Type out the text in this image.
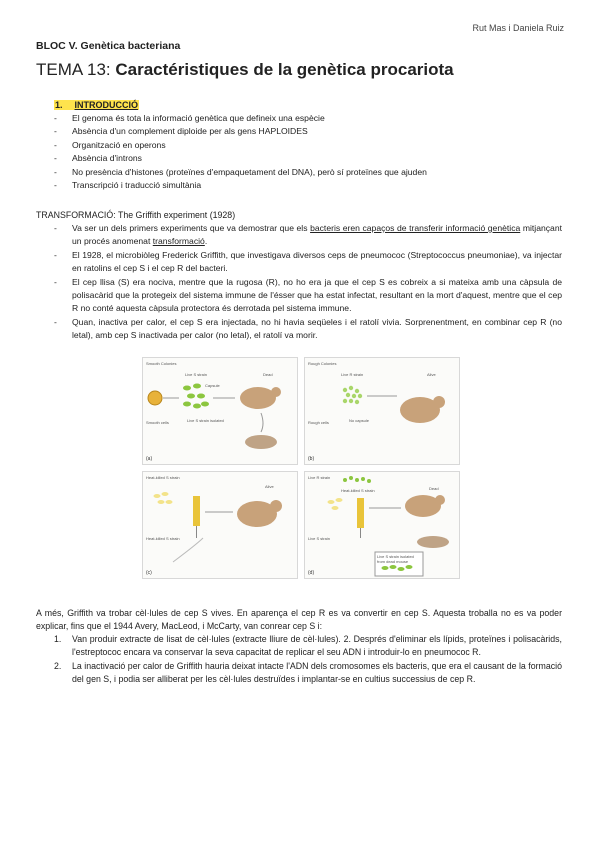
Rut Mas i Daniela Ruiz
BLOC V. Genètica bacteriana
TEMA 13: Caractéristiques de la genètica procariota
1. INTRODUCCIÓ
- El genoma és tota la informació genètica que defineix una espècie
- Absència d'un complement diploide per als gens HAPLOIDES
- Organització en operons
- Absència d'introns
- No presència d'histones (proteïnes d'empaquetament del DNA), però sí proteïnes que ajuden
- Transcripció i traducció simultània
TRANSFORMACIÓ: The Griffith experiment (1928)
- Va ser un dels primers experiments que va demostrar que els bacteris eren capaços de transferir informació genètica mitjançant un procés anomenat transformació.
- El 1928, el microbiòleg Frederick Griffith, que investigava diversos ceps de pneumococ (Streptococcus pneumoniae), va injectar en ratolins el cep S i el cep R del bacteri.
- El cep llisa (S) era nociva, mentre que la rugosa (R), no ho era ja que el cep S es cobreix a si mateixa amb una càpsula de polisacàrid que la protegeix del sistema immune de l'ésser que ha estat infectat, resultant en la mort d'aquest, mentre que el cep R no conté aquesta càpsula protectora és derrotada pel sistema immune.
- Quan, inactiva per calor, el cep S era injectada, no hi havia seqüeles i el ratolí vivia. Sorprenentment, en combinar cep R (no letal), amb cep S inactivada per calor (no letal), el ratolí va morir.
Smooth Colonies
Live S strain
Capsule
Dead
Smooth cells	Live S strain isolated
(a)
Rough Colonies
Live R strain	Alive
Rough cells	No capsule
(b)
Heat-killed S strain
Alive
Heat-killed S strain
(c)
Live R strain
Heat-killed S strain	Dead
Live S strain
Live S strain isolated from dead mouse
(d)
A més, Griffith va trobar cèl·lules de cep S vives. En aparença el cep R es va convertir en cep S. Aquesta troballa no es va poder explicar, fins que el 1944 Avery, MacLeod, i McCarty, van conrear cep S i:
1. Van produir extracte de lisat de cèl·lules (extracte lliure de cèl·lules). 2. Després d'eliminar els lípids, proteïnes i polisacàrids, l'estreptococ encara va conservar la seva capacitat de replicar el seu ADN i introduir-lo en pneumococ R.
2. La inactivació per calor de Griffith hauria deixat intacte l'ADN dels cromosomes els bacteris, que era el causant de la formació del gen S, i podia ser alliberat per les cèl·lules destruïdes i implantar-se en cultius successius de cep R.
